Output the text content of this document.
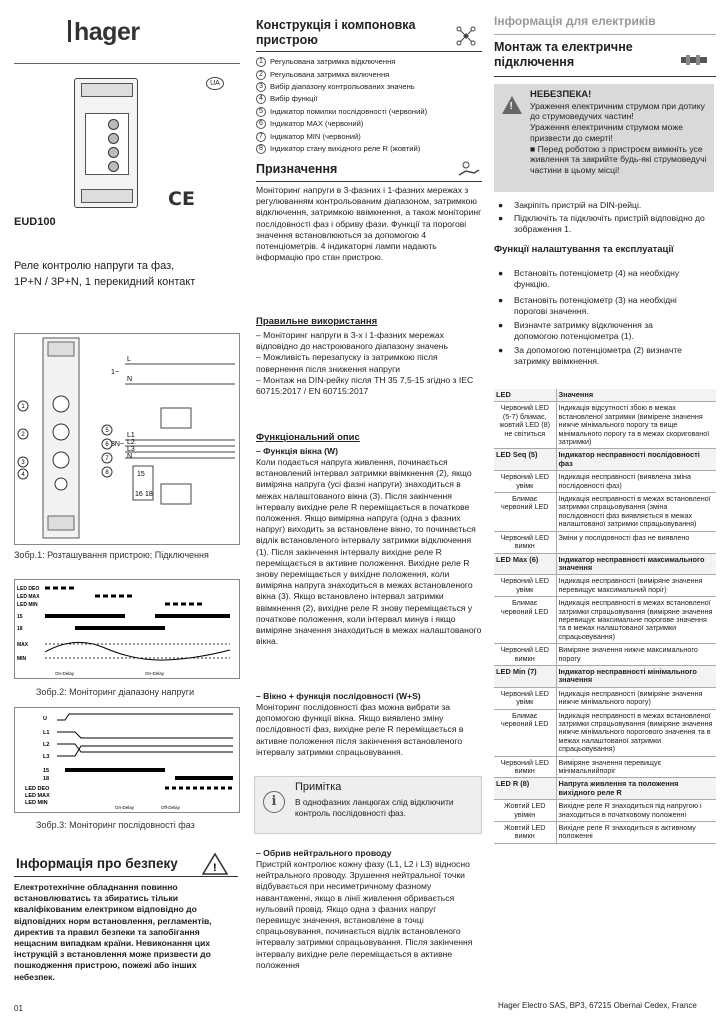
hager
UA
CE
EUD100
Реле контролю напруги та фаз,
1P+N / 3P+N, 1 перекидний контакт
1
2
3
4
5
6
7
8
L
N
1~
3N~
L1
L2
L3
N
15
16 18
Зобр.1: Розташування пристрою; Підключення
LED DEO
LED MAX
LED MIN
15
18
MAX
MIN
On-Delay	On-Delay
Зобр.2: Моніторинг діапазону напруги
U
L1
L2
L3
15
18
LED DEO
LED MAX
LED MIN
On-Delay	Off-Delay
Зобр.3: Моніторинг послідовності фаз
Інформація про безпеку	!
Електротехнічне обладнання повинно встановлюватись та збиратись тільки кваліфікованим електриком відповідно до відповідних норм встановлення, регламентів, директив та правил безпеки та запобігання нещасним випадкам країни. Невиконання цих інструкцій з встановлення може призвести до пошкодження пристрою, пожежі або інших небезпек.
01
Конструкція і компоновка пристрою
1 Регульована затримка відключення
2 Регульована затримка включення
3 Вибір діапазону контрольованих значень
4 Вибір функції
5 Індикатор помилки послідовності (червоний)
6 Індикатор MAX (червоний)
7 Індикатор MIN (червоний)
8 Індикатор стану вихідного реле R (жовтий)
Призначення
Моніторинг напруги в 3-фазних і 1-фазних мережах з регулюванням контрольованим діапазоном, затримкою відключення, затримкою ввімкнення, а також моніторинг послідовності фаз і обриву фази. Функції та порогові значення встановлюються за допомогою 4 потенціометрів. 4 індикаторні лампи надають інформацію про стан пристрою.
Правильне використання
– Моніторинг напруги в 3-х і 1-фазних мережах відповідно до настроюваного діапазону значень
– Можливість перезапуску із затримкою після повернення після зниження напруги
– Монтаж на DIN-рейку після TH 35 7,5-15 згідно з IEC 60715:2017 / EN 60715:2017
Функціональний опис
– Функція вікна (W)
Коли подається напруга живлення, починається встановлений інтервал затримки ввімкнення (2), якщо виміряна напруга (усі фазні напруги) знаходиться в межах налаштованого вікна (3). Після закінчення інтервалу вихідне реле R переміщається в початкове положення. Якщо виміряна напруга (одна з фазних напруг) виходить за встановлене вікно, то починається відлік встановленого інтервалу затримки відключення (1). Після закінчення інтервалу вихідне реле R переміщається в активне положення. Вихідне реле R знову переміщається у вихідне положення, коли виміряна напруга знаходиться в межах встановленого вікна (3). Якщо встановлено інтервал затримки ввімкнення (2), вихідне реле R знову переміщається у початкове положення, коли інтервал минув і якщо виміряне значення знаходиться в межах налаштованого вікна.
– Вікно + функція послідовності (W+S)
Моніторинг послідовності фаз можна вибрати за допомогою функції вікна. Якщо виявлено зміну послідовності фаз, вихідне реле R переміщається в активне положення після закінчення встановленого інтервалу затримки спрацьовування.
i
Примітка
В однофазних ланцюгах слід відключити контроль послідовності фаз.
– Обрив нейтрального проводу
Пристрій контролює кожну фазу (L1, L2 і L3) відносно нейтрального проводу. Зрушення нейтральної точки відбувається при несиметричному фазному навантаженні, якщо в лінії живлення обривається нульовий провід. Якщо одна з фазних напруг перевищує значення, встановлене в точці спрацьовування, починається відлік встановленого інтервалу затримки спрацьовування. Після закінчення інтервалу вихідне реле переміщається в активне положення
Інформація для електриків
Монтаж та електричне підключення
!
НЕБЕЗПЕКА!
Ураження електричним струмом при дотику до струмоведучих частин!
Ураження електричним струмом може призвести до смерті!
■ Перед роботою з пристроєм вимкніть усе живлення та закрийте будь-які струмоведучі частини в цьому місці!
● Закріпіть пристрій на DIN-рейці.
● Підключіть та підключіть пристрій відповідно до зображення 1.
Функції налаштування та експлуатації
● Встановіть потенціометр (4) на необхідну функцію.
● Встановіть потенціометр (3) на необхідні порогові значення.
● Визначте затримку відключення за допомогою потенціометра (1).
● За допомогою потенціометра (2) визначте затримку ввімкнення.
LED	Значення
Червоний LED (5-7) блимає, жовтий LED (8) не світиться	Індикація відсутності збою в межах встановленої затримки (вимірене значення нижче мінімального порогу та вище мінімального порогу та в межах скоригованої затримки)
LED Seq (5)	Індикатор несправності послідовності фаз
Червоний LED увімк	Індикація несправності (виявлена зміна послідовності фаз)
Блимає червоний LED	Індикація несправності в межах встановленої затримки спрацьовування (зміна послідовності фаз виявляється в межах налаштованої затримки спрацьовування)
Червоний LED вимкн	Зміни у послідовності фаз не виявлено
LED Max (6)	Індикатор несправності максимального значення
Червоний LED увімк	Індикація несправності (виміряне значення перевищує максимальний поріг)
Блимає червоний LED	Індикація несправності в межах встановленої затримки спрацьовування (виміряне значення перевищує максимальне порогове значення та в межах налаштованої затримки спрацьовування)
Червоний LED вимкн	Виміряне значення нижче максимального порогу
LED Min (7)	Індикатор несправності мінімального значення
Червоний LED увімк	Індикація несправності (виміряне значення нижче мінімального порогу)
Блимає червоний LED	Індикація несправності в межах встановленої затримки спрацьовування (виміряне значення нижче мінімального порогового значення та в межах налаштованої затримки спрацьовування)
Червоний LED вимкн	Виміряне значення перевищує мінімальнийпоріг
LED R (8)	Напруга живлення та положення вихідного реле R
Жовтий LED увімкн	Вихідне реле R знаходиться під напругою і знаходиться в початковому положенні
Жовтий LED вимкн	Вихідне реле R знаходиться в активному положенні
Hager Electro SAS, BP3, 67215 Obernai Cedex, France
